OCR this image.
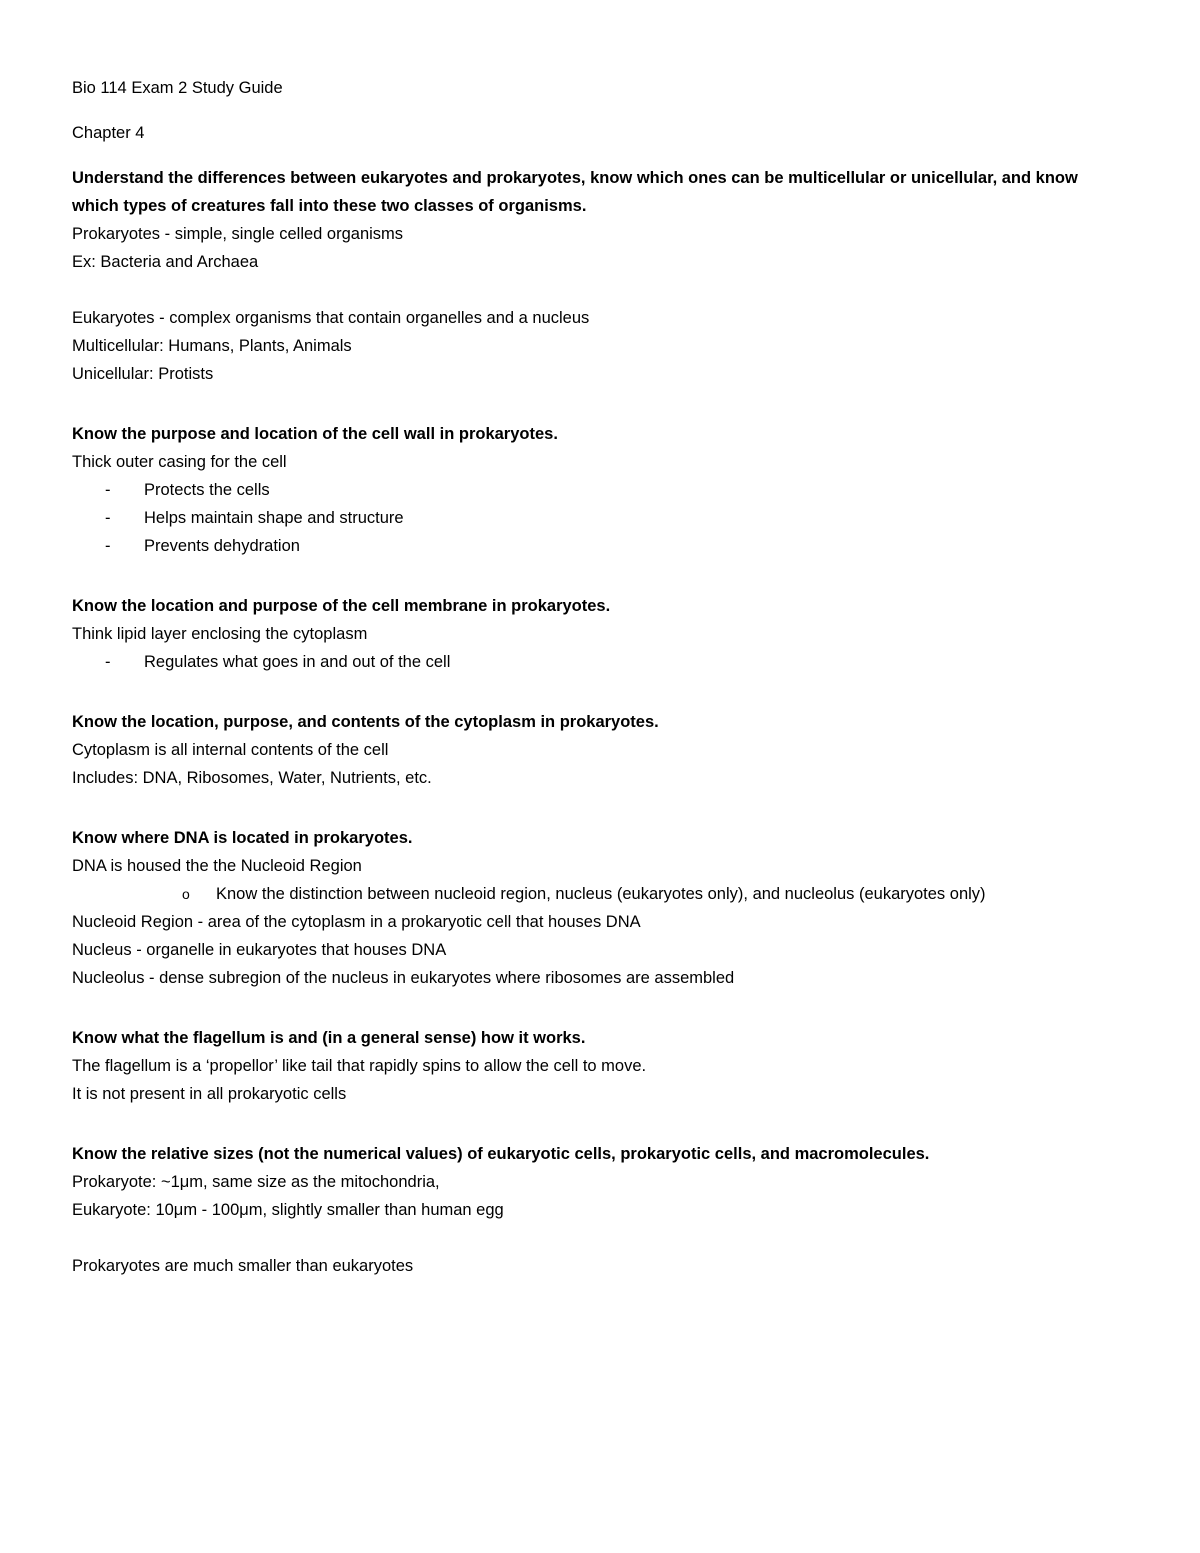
Bio 114 Exam 2 Study Guide

Chapter 4

Understand the differences between eukaryotes and prokaryotes, know which ones can be multicellular or unicellular, and know which types of creatures fall into these two classes of organisms.

Prokaryotes - simple, single celled organisms

Ex: Bacteria and Archaea

Eukaryotes - complex organisms that contain organelles and a nucleus

Multicellular: Humans, Plants, Animals

Unicellular: Protists

Know the purpose and location of the cell wall in prokaryotes.

Thick outer casing for the cell

- Protects the cells

- Helps maintain shape and structure

- Prevents dehydration

Know the location and purpose of the cell membrane in prokaryotes.

Think lipid layer enclosing the cytoplasm

- Regulates what goes in and out of the cell

Know the location, purpose, and contents of the cytoplasm in prokaryotes.

Cytoplasm is all internal contents of the cell

Includes: DNA, Ribosomes, Water, Nutrients, etc.

Know where DNA is located in prokaryotes.

DNA is housed the the Nucleoid Region

o Know the distinction between nucleoid region, nucleus (eukaryotes only), and nucleolus (eukaryotes only)

Nucleoid Region - area of the cytoplasm in a prokaryotic cell that houses DNA

Nucleus - organelle in eukaryotes that houses DNA

Nucleolus - dense subregion of the nucleus in eukaryotes where ribosomes are assembled

Know what the flagellum is and (in a general sense) how it works.

The flagellum is a ‘propellor’ like tail that rapidly spins to allow the cell to move.

It is not present in all prokaryotic cells

Know the relative sizes (not the numerical values) of eukaryotic cells, prokaryotic cells, and macromolecules.

Prokaryote: ~1μm, same size as the mitochondria,

Eukaryote: 10μm - 100μm, slightly smaller than human egg

Prokaryotes are much smaller than eukaryotes
